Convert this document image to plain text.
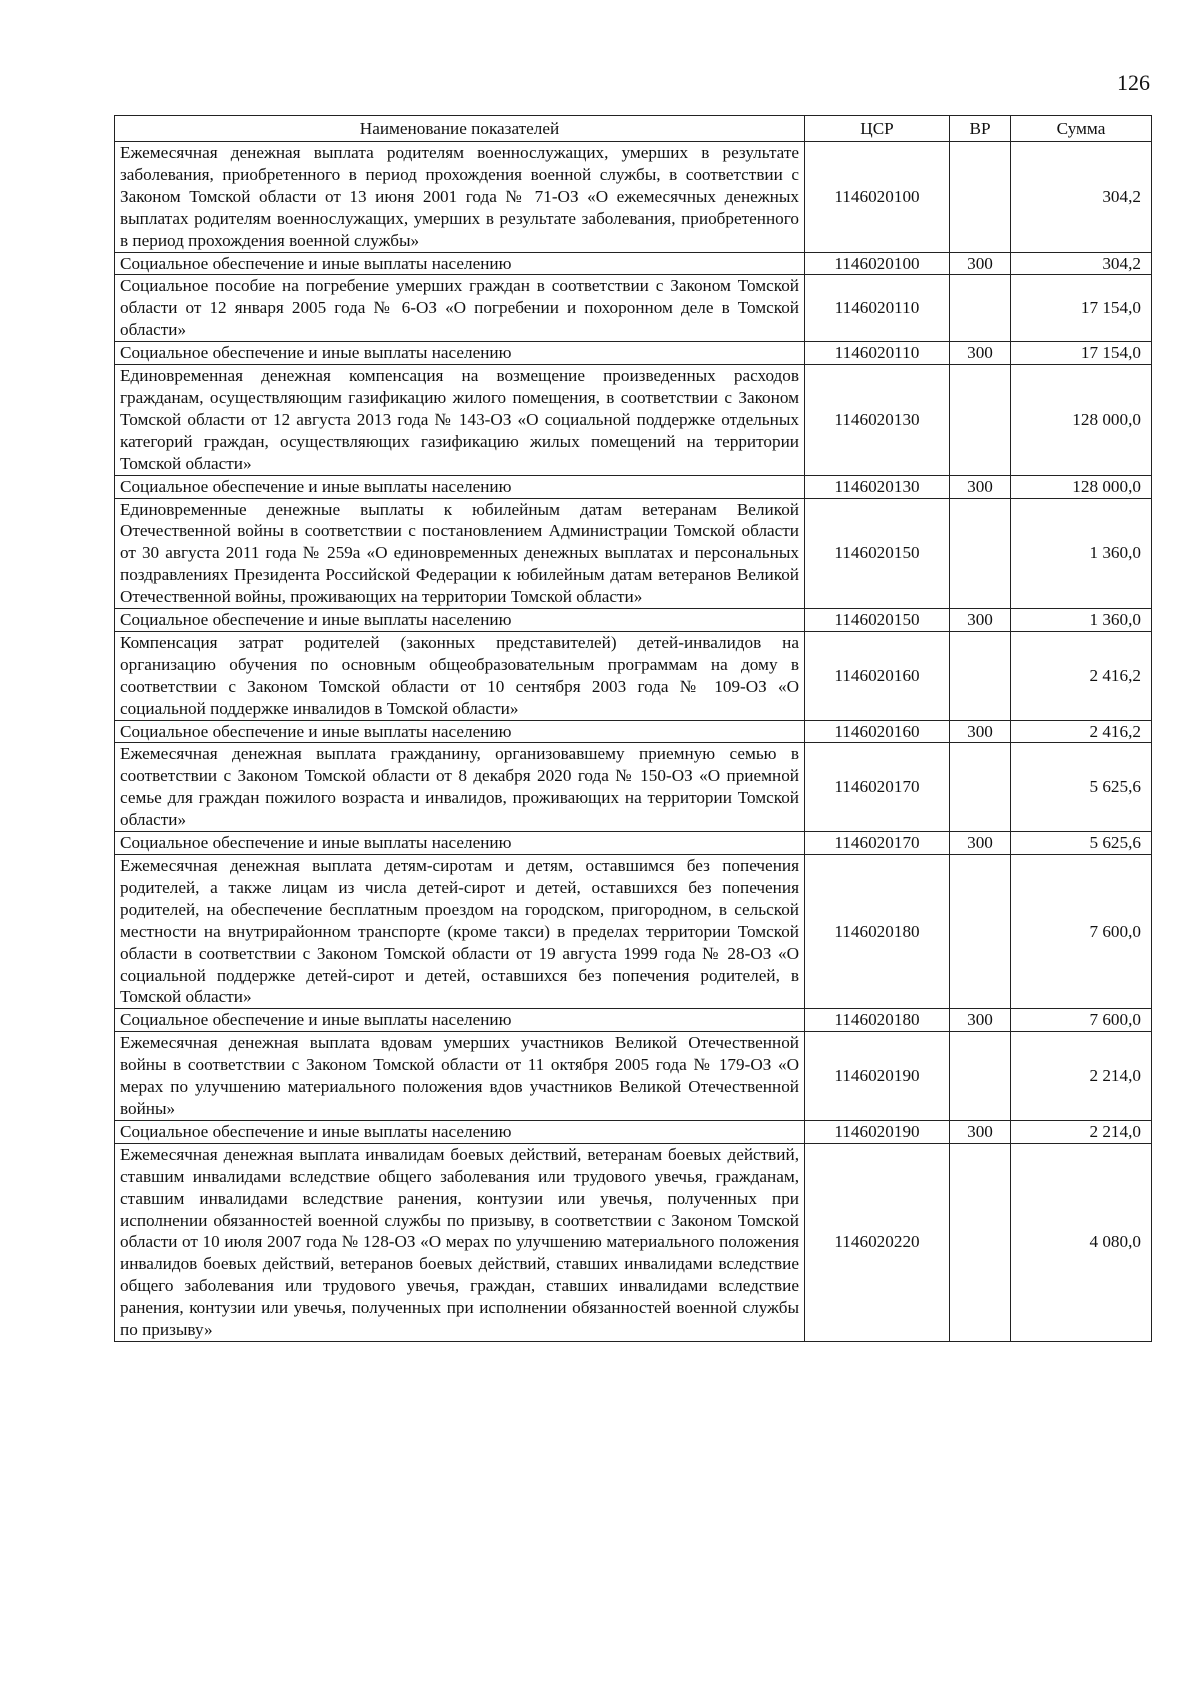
126
Наименование показателей	ЦСР	ВР	Сумма
Ежемесячная денежная выплата родителям военнослужащих, умерших в результате заболевания, приобретенного в период прохождения военной службы, в соответствии с Законом Томской области от 13 июня 2001 года № 71-ОЗ «О ежемесячных денежных выплатах родителям военнослужащих, умерших в результате заболевания, приобретенного в период прохождения военной службы»	1146020100		304,2
Социальное обеспечение и иные выплаты населению	1146020100	300	304,2
Социальное пособие на погребение умерших граждан в соответствии с Законом Томской области от 12 января 2005 года № 6-ОЗ «О погребении и похоронном деле в Томской области»	1146020110		17 154,0
Социальное обеспечение и иные выплаты населению	1146020110	300	17 154,0
Единовременная денежная компенсация на возмещение произведенных расходов гражданам, осуществляющим газификацию жилого помещения, в соответствии с Законом Томской области от 12 августа 2013 года № 143-ОЗ «О социальной поддержке отдельных категорий граждан, осуществляющих газификацию жилых помещений на территории Томской области»	1146020130		128 000,0
Социальное обеспечение и иные выплаты населению	1146020130	300	128 000,0
Единовременные денежные выплаты к юбилейным датам ветеранам Великой Отечественной войны в соответствии с постановлением Администрации Томской области от 30 августа 2011 года № 259а «О единовременных денежных выплатах и персональных поздравлениях Президента Российской Федерации к юбилейным датам ветеранов Великой Отечественной войны, проживающих на территории Томской области»	1146020150		1 360,0
Социальное обеспечение и иные выплаты населению	1146020150	300	1 360,0
Компенсация затрат родителей (законных представителей) детей-инвалидов на организацию обучения по основным общеобразовательным программам на дому в соответствии с Законом Томской области от 10 сентября 2003 года № 109-ОЗ «О социальной поддержке инвалидов в Томской области»	1146020160		2 416,2
Социальное обеспечение и иные выплаты населению	1146020160	300	2 416,2
Ежемесячная денежная выплата гражданину, организовавшему приемную семью в соответствии с Законом Томской области от 8 декабря 2020 года № 150-ОЗ «О приемной семье для граждан пожилого возраста и инвалидов, проживающих на территории Томской области»	1146020170		5 625,6
Социальное обеспечение и иные выплаты населению	1146020170	300	5 625,6
Ежемесячная денежная выплата детям-сиротам и детям, оставшимся без попечения родителей, а также лицам из числа детей-сирот и детей, оставшихся без попечения родителей, на обеспечение бесплатным проездом на городском, пригородном, в сельской местности на внутрирайонном транспорте (кроме такси) в пределах территории Томской области в соответствии с Законом Томской области от 19 августа 1999 года № 28-ОЗ «О социальной поддержке детей-сирот и детей, оставшихся без попечения родителей, в Томской области»	1146020180		7 600,0
Социальное обеспечение и иные выплаты населению	1146020180	300	7 600,0
Ежемесячная денежная выплата вдовам умерших участников Великой Отечественной войны в соответствии с Законом Томской области от 11 октября 2005 года № 179-ОЗ «О мерах по улучшению материального положения вдов участников Великой Отечественной войны»	1146020190		2 214,0
Социальное обеспечение и иные выплаты населению	1146020190	300	2 214,0
Ежемесячная денежная выплата инвалидам боевых действий, ветеранам боевых действий, ставшим инвалидами вследствие общего заболевания или трудового увечья, гражданам, ставшим инвалидами вследствие ранения, контузии или увечья, полученных при исполнении обязанностей военной службы по призыву, в соответствии с Законом Томской области от 10 июля 2007 года № 128-ОЗ «О мерах по улучшению материального положения инвалидов боевых действий, ветеранов боевых действий, ставших инвалидами вследствие общего заболевания или трудового увечья, граждан, ставших инвалидами вследствие ранения, контузии или увечья, полученных при исполнении обязанностей военной службы по призыву»	1146020220		4 080,0
